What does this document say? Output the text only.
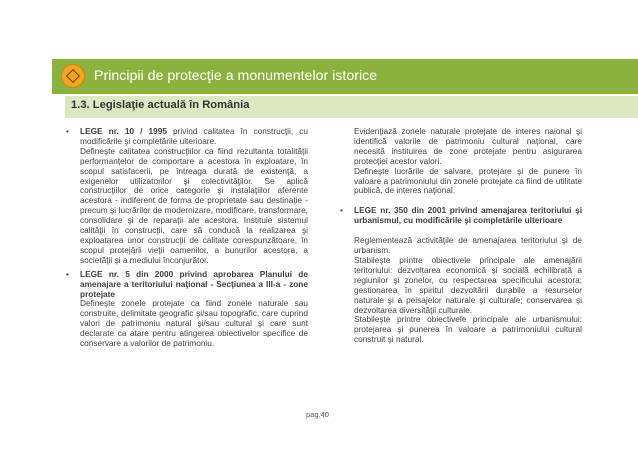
Principii de protecţie a monumentelor istorice
1.3. Legislaţie actuală în România
• LEGE nr. 10 / 1995 privind calitatea în construcţii, cu modificările şi completările ulterioare.
Defineşte calitatea construcţiilor ca fiind rezultanta totalităţii performanţelor de comportare a acestora în exploatare, în scopul satisfacerii, pe întreaga durată de existenţă, a exigenelor utilizatorilor şi colectivităţilor. Se aplică construcţiilor de orice categorie şi instalaţiilor aferente acestora - indiferent de forma de proprietate sau destinaţie - precum şi lucrărilor de modernizare, modificare, transformare, consolidare şi de reparaţii ale acestora. Instituie sistemul calităţii în construcţii, care să conducă la realizarea şi exploatarea unor construcţii de calitate corespunzătoare, în scopul protejării vieţii oamenilor, a bunurilor acestora, a societăţii şi a mediului înconjurător.
• LEGE nr. 5 din 2000 privind aprobarea Planului de amenajare a teritoriului naţional - Secţiunea a III-a - zone protejate
Defineşte zonele protejate ca fiind zonele naturale sau construite, delimitate geografic şi/sau topografic, care cuprind valori de patrimoniu natural şi/sau cultural şi care sunt declarate ca atare pentru atingerea obiectivelor specifice de conservare a valorilor de patrimoniu.
Evidenţiază zonele naturale protejate de interes naional şi identifică valorile de patrimoniu cultural naţional, care necesită instituirea de zone protejate pentru asigurarea protecţiei acestor valori.
Defineşte lucrările de salvare, protejare şi de punere în valoare a patrimoniului din zonele protejate ca fiind de utilitate publică, de interes naţional.
• LEGE nr. 350 din 2001 privind amenajarea teritoriului şi urbanismul, cu modificările şi completările ulterioare
Reglementează activităţile de amenajarea teritoriului şi de urbanism.
Stabileşte printre obiectivele principale ale amenajării teritoriului: dezvoltarea economică şi socială echilibrată a regiunilor şi zonelor, cu respectarea specificului acestora; gestionarea în spiritul dezvoltării durabile a resurselor naturale şi a peisajelor naturale şi culturale; conservarea şi dezvoltarea diversităţii culturale.
Stabileşte printre obiectivele principale ale urbanismului: protejarea şi punerea în valoare a patrimoniului cultural construit şi natural.
pag.40
